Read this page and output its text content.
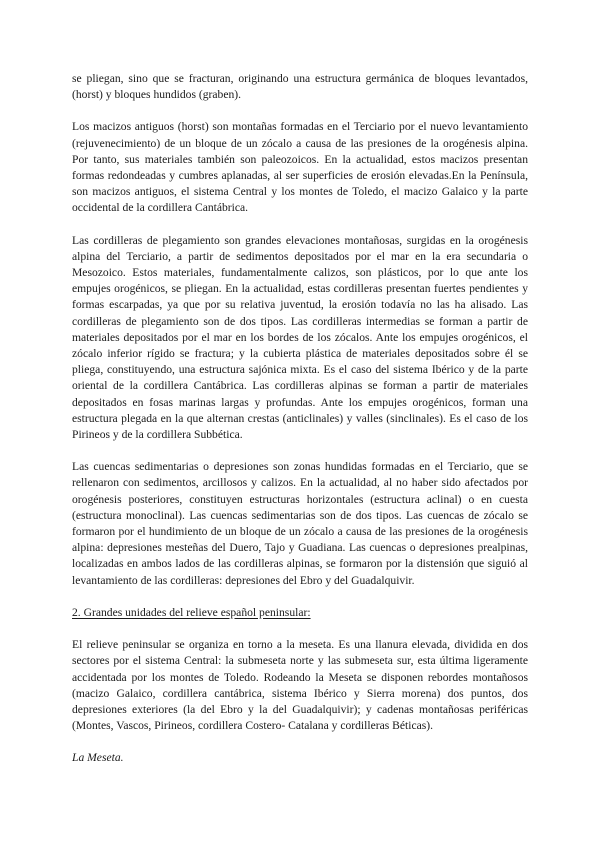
se pliegan, sino que se fracturan, originando una estructura germánica de bloques levantados, (horst) y bloques hundidos (graben).

Los macizos antiguos (horst) son montañas formadas en el Terciario por el nuevo levantamiento (rejuvenecimiento) de un bloque de un zócalo a causa de las presiones de la orogénesis alpina. Por tanto, sus materiales también son paleozoicos. En la actualidad, estos macizos presentan formas redondeadas y cumbres aplanadas, al ser superficies de erosión elevadas.En la Península, son macizos antiguos, el sistema Central y los montes de Toledo, el macizo Galaico y la parte occidental de la cordillera Cantábrica.

Las cordilleras de plegamiento son grandes elevaciones montañosas, surgidas en la orogénesis alpina del Terciario, a partir de sedimentos depositados por el mar en la era secundaria o Mesozoico. Estos materiales, fundamentalmente calizos, son plásticos, por lo que ante los empujes orogénicos, se pliegan. En la actualidad, estas cordilleras presentan fuertes pendientes y formas escarpadas, ya que por su relativa juventud, la erosión todavía no las ha alisado. Las cordilleras de plegamiento son de dos tipos. Las cordilleras intermedias se forman a partir de materiales depositados por el mar en los bordes de los zócalos. Ante los empujes orogénicos, el zócalo inferior rígido se fractura; y la cubierta plástica de materiales depositados sobre él se pliega, constituyendo, una estructura sajónica mixta. Es el caso del sistema Ibérico y de la parte oriental de la cordillera Cantábrica. Las cordilleras alpinas se forman a partir de materiales depositados en fosas marinas largas y profundas. Ante los empujes orogénicos, forman una estructura plegada en la que alternan crestas (anticlinales) y valles (sinclinales). Es el caso de los Pirineos y de la cordillera Subbética.

Las cuencas sedimentarias o depresiones son zonas hundidas formadas en el Terciario, que se rellenaron con sedimentos, arcillosos y calizos. En la actualidad, al no haber sido afectados por orogénesis posteriores, constituyen estructuras horizontales (estructura aclinal) o en cuesta (estructura monoclinal). Las cuencas sedimentarias son de dos tipos. Las cuencas de zócalo se formaron por el hundimiento de un bloque de un zócalo a causa de las presiones de la orogénesis alpina: depresiones mesteñas del Duero, Tajo y Guadiana. Las cuencas o depresiones prealpinas, localizadas en ambos lados de las cordilleras alpinas, se formaron por la distensión que siguió al levantamiento de las cordilleras: depresiones del Ebro y del Guadalquivir.

2. Grandes unidades del relieve español peninsular:

El relieve peninsular se organiza en torno a la meseta. Es una llanura elevada, dividida en dos sectores por el sistema Central: la submeseta norte y las submeseta sur, esta última ligeramente accidentada por los montes de Toledo. Rodeando la Meseta se disponen rebordes montañosos (macizo Galaico, cordillera cantábrica, sistema Ibérico y Sierra morena) dos puntos, dos depresiones exteriores (la del Ebro y la del Guadalquivir); y cadenas montañosas periféricas (Montes, Vascos, Pirineos, cordillera Costero- Catalana y cordilleras Béticas).

La Meseta.
